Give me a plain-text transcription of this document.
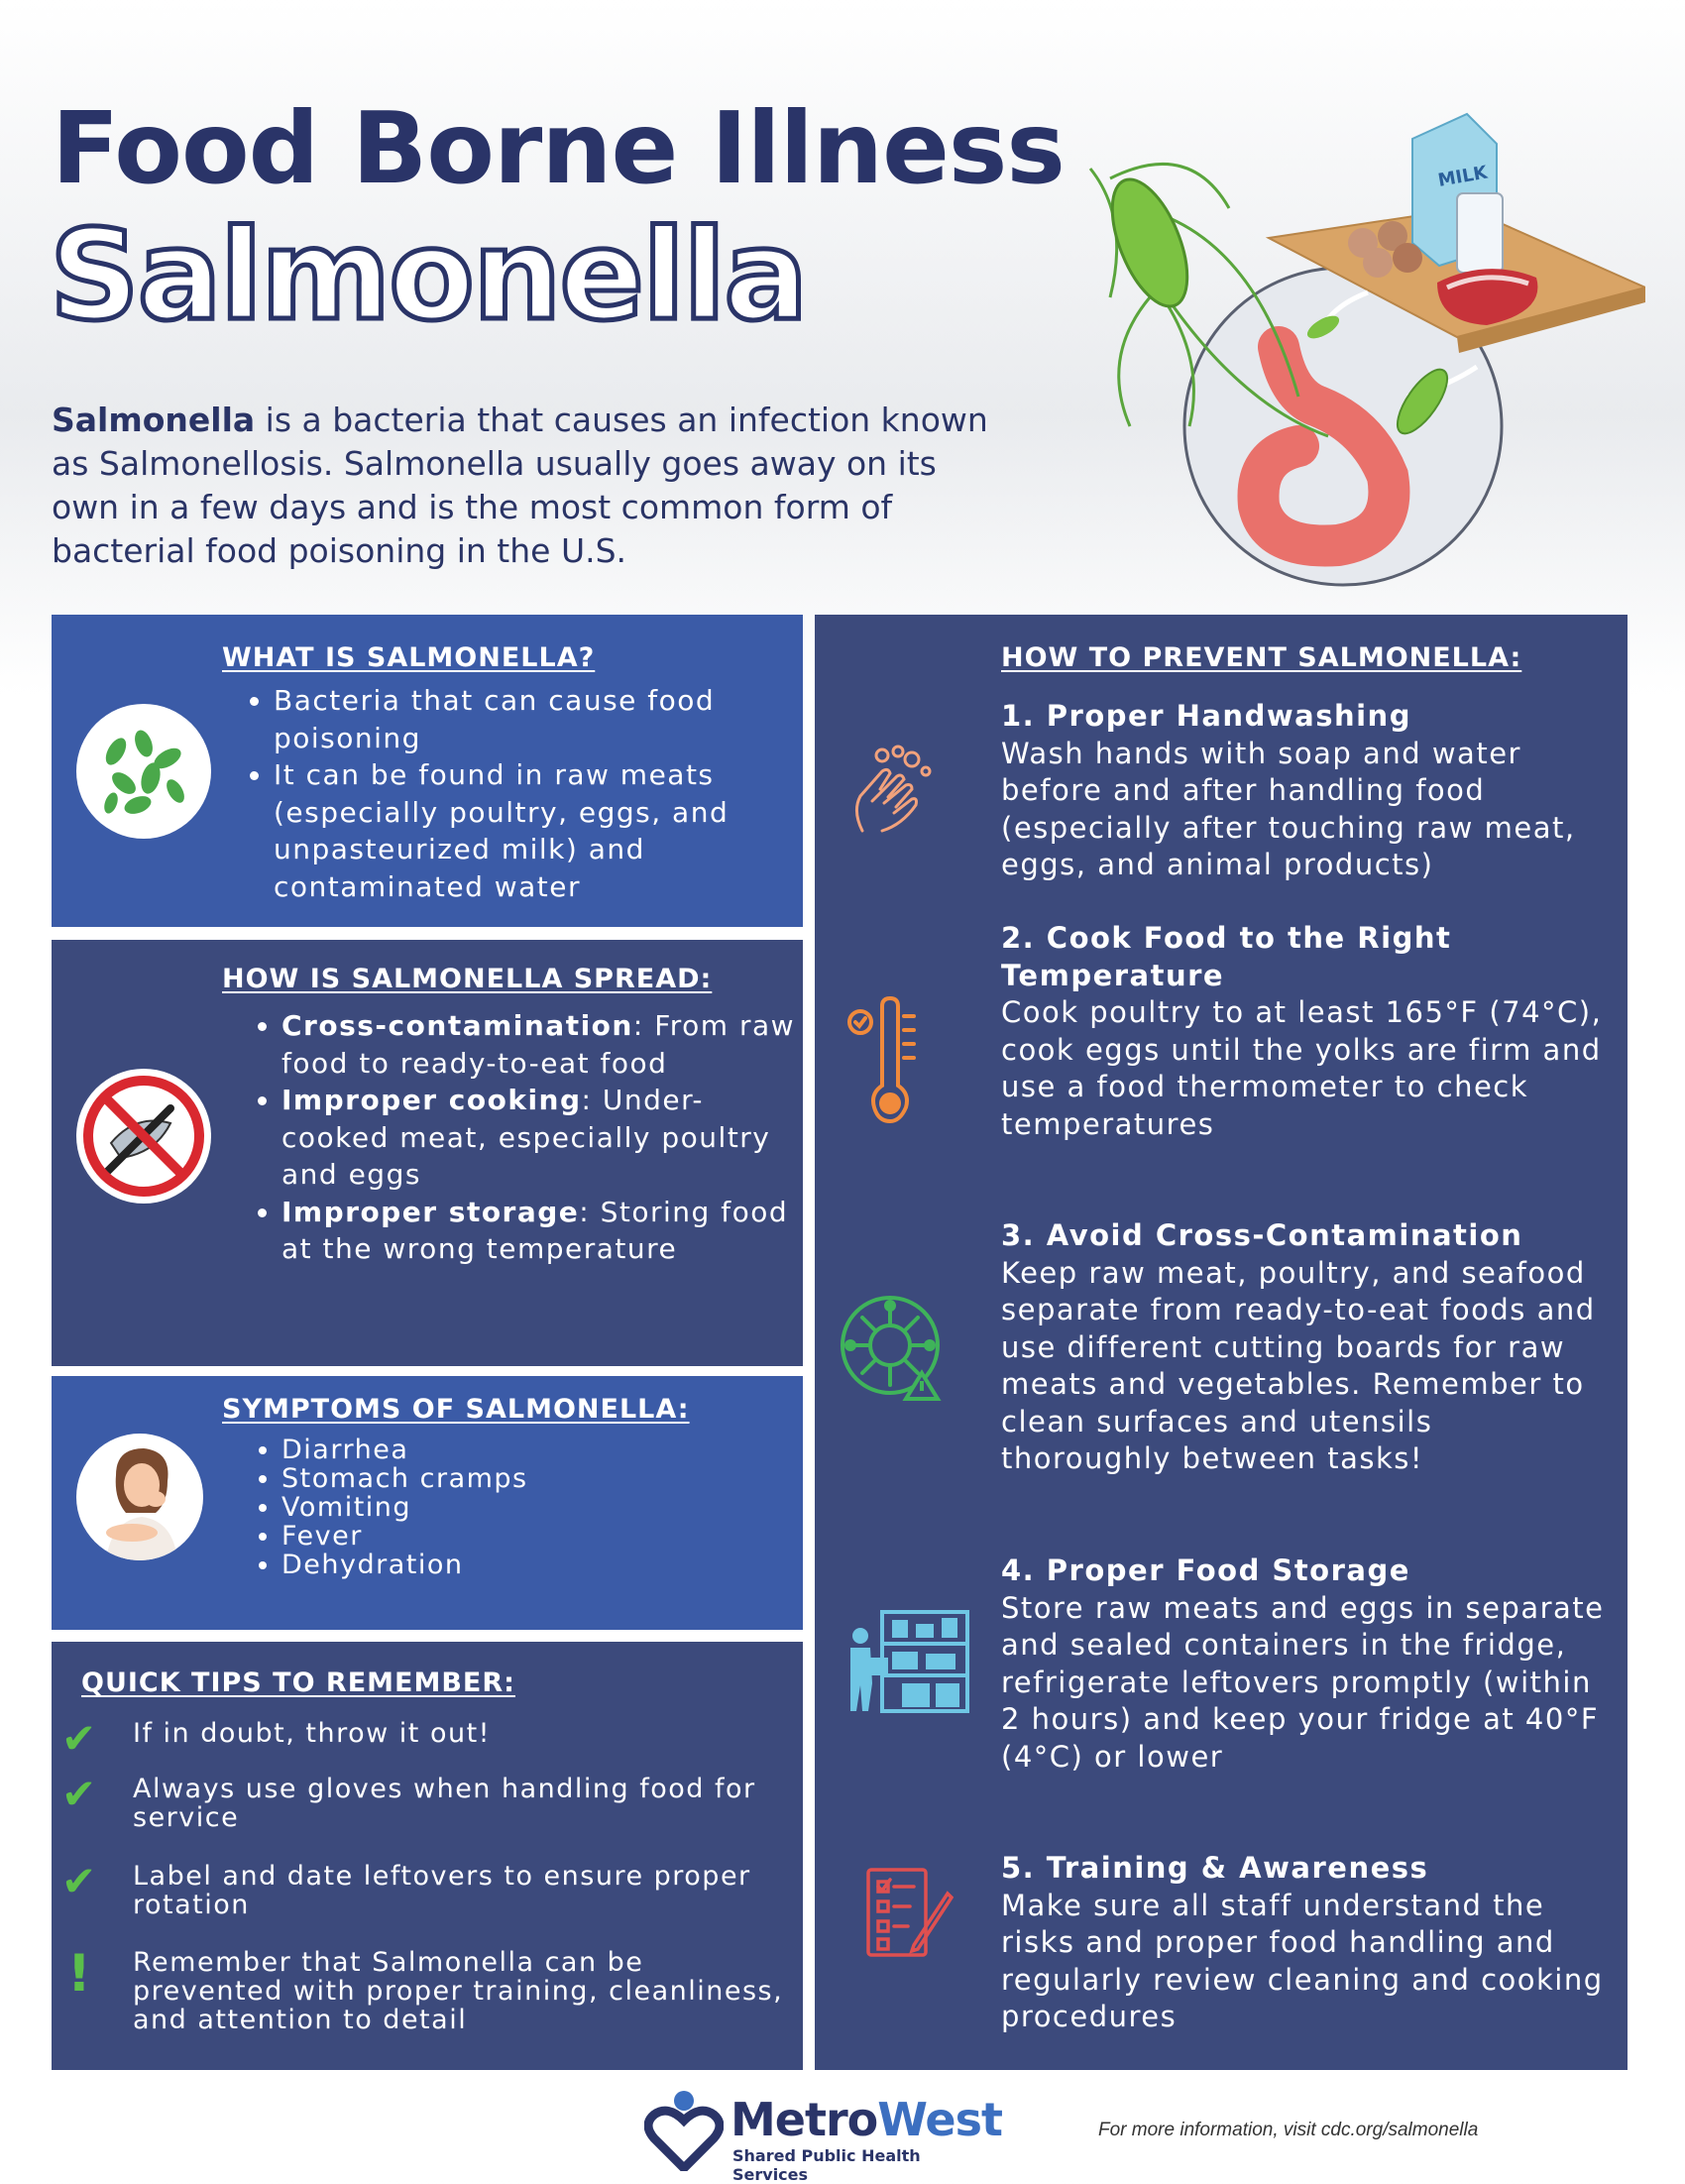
Food Borne Illness
Salmonella

Salmonella is a bacteria that causes an infection known as Salmonellosis. Salmonella usually goes away on its own in a few days and is the most common form of bacterial food poisoning in the U.S.

MILK
WHAT IS SALMONELLA?
• Bacteria that can cause food poisoning
• It can be found in raw meats (especially poultry, eggs, and unpasteurized milk) and contaminated water
HOW IS SALMONELLA SPREAD:
• Cross-contamination: From raw food to ready-to-eat food
• Improper cooking: Under-cooked meat, especially poultry and eggs
• Improper storage: Storing food at the wrong temperature
SYMPTOMS OF SALMONELLA:
• Diarrhea
• Stomach cramps
• Vomiting
• Fever
• Dehydration
QUICK TIPS TO REMEMBER:
✔ If in doubt, throw it out!
✔ Always use gloves when handling food for service
✔ Label and date leftovers to ensure proper rotation
!	Remember that Salmonella can be prevented with proper training, cleanliness, and attention to detail
HOW TO PREVENT SALMONELLA:
1. Proper Handwashing
Wash hands with soap and water before and after handling food (especially after touching raw meat, eggs, and animal products)
2. Cook Food to the Right Temperature
Cook poultry to at least 165°F (74°C), cook eggs until the yolks are firm and use a food thermometer to check temperatures
3. Avoid Cross-Contamination
Keep raw meat, poultry, and seafood separate from ready-to-eat foods and use different cutting boards for raw meats and vegetables. Remember to clean surfaces and utensils thoroughly between tasks!
4. Proper Food Storage
Store raw meats and eggs in separate and sealed containers in the fridge, refrigerate leftovers promptly (within 2 hours) and keep your fridge at 40°F (4°C) or lower
5. Training & Awareness
Make sure all staff understand the risks and proper food handling and regularly review cleaning and cooking procedures
MetroWest
Shared Public Health Services
For more information, visit cdc.org/salmonella
